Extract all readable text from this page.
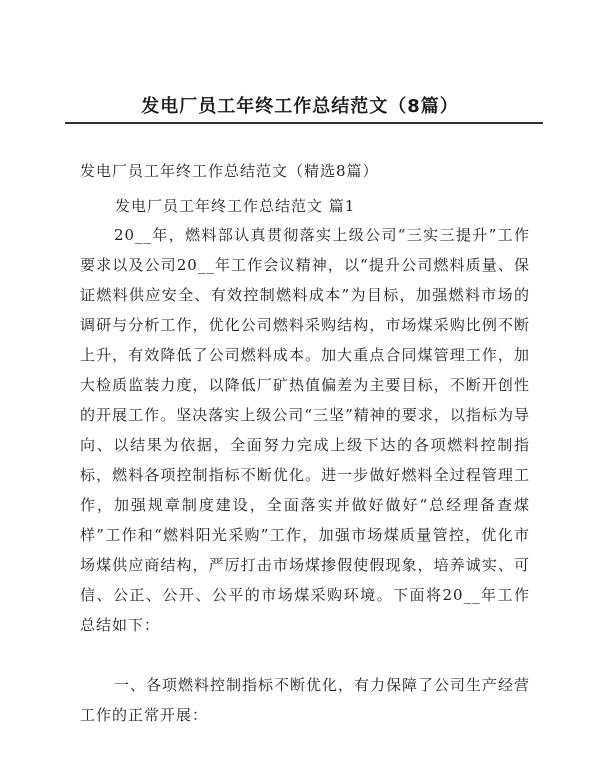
发电厂员工年终工作总结范文（8篇）
发电厂员工年终工作总结范文（精选8篇）
发电厂员工年终工作总结范文 篇1

20__年，燃料部认真贯彻落实上级公司“三实三提升”工作要求以及公司20__年工作会议精神，以“提升公司燃料质量、保证燃料供应安全、有效控制燃料成本”为目标，加强燃料市场的调研与分析工作，优化公司燃料采购结构，市场煤采购比例不断上升，有效降低了公司燃料成本。加大重点合同煤管理工作，加大检质监装力度，以降低厂矿热值偏差为主要目标，不断开创性的开展工作。坚决落实上级公司“三坚”精神的要求，以指标为导向、以结果为依据，全面努力完成上级下达的各项燃料控制指标，燃料各项控制指标不断优化。进一步做好燃料全过程管理工作，加强规章制度建设，全面落实并做好做好“总经理备查煤样”工作和“燃料阳光采购”工作，加强市场煤质量管控，优化市场煤供应商结构，严厉打击市场煤掺假使假现象，培养诚实、可信、公正、公开、公平的市场煤采购环境。下面将20__年工作总结如下：

一、各项燃料控制指标不断优化，有力保障了公司生产经营工作的正常开展：
